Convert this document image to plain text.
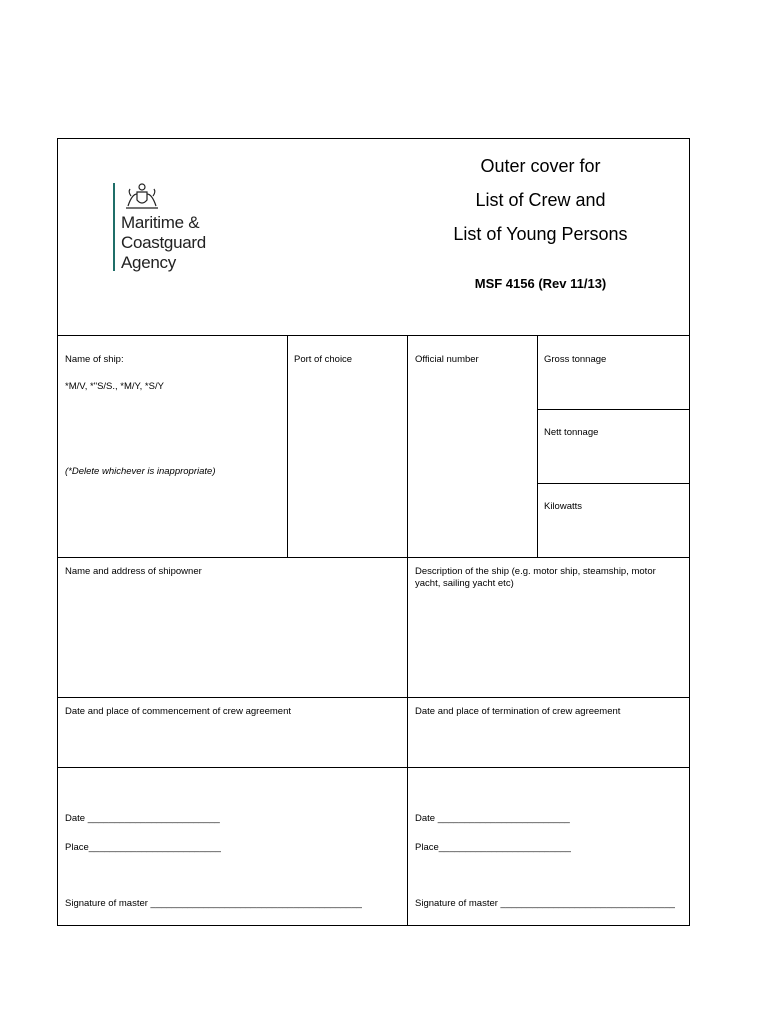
Maritime &
Coastguard
Agency
Outer cover for
List of Crew and
List of Young Persons
MSF 4156 (Rev 11/13)
Name of ship:
*M/V, *"S/S., *M/Y, *S/Y
(*Delete whichever is inappropriate)
Port of choice	Official number	Gross tonnage
Nett tonnage
Kilowatts
Name and address of shipowner	Description of the ship (e.g. motor ship, steamship, motor yacht, sailing yacht etc)
Date and place of commencement of crew agreement	Date and place of termination of crew agreement
Date _________________________
Place_________________________
Signature of master ________________________________________
Date _________________________
Place_________________________
Signature of master _________________________________
